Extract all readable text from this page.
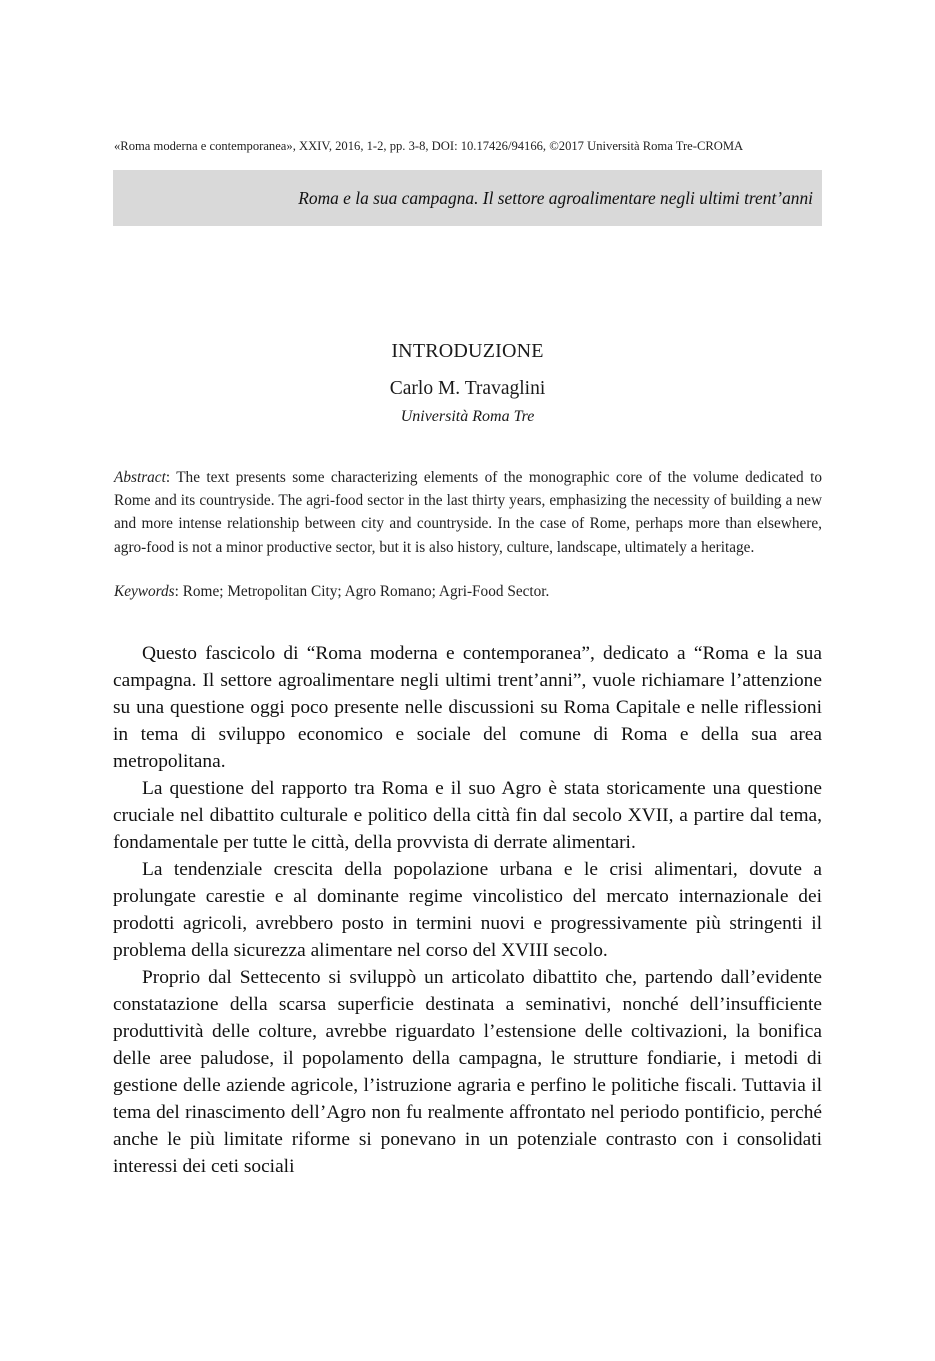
«Roma moderna e contemporanea», XXIV, 2016, 1-2, pp. 3-8, DOI: 10.17426/94166, ©2017 Università Roma Tre-CROMA
Roma e la sua campagna. Il settore agroalimentare negli ultimi trent’anni
INTRODUZIONE
Carlo M. Travaglini
Università Roma Tre
Abstract: The text presents some characterizing elements of the monographic core of the volume dedicated to Rome and its countryside. The agri-food sector in the last thirty years, emphasizing the necessity of building a new and more intense relationship between city and countryside. In the case of Rome, perhaps more than elsewhere, agro-food is not a minor productive sector, but it is also history, culture, landscape, ultimately a heritage.
Keywords: Rome; Metropolitan City; Agro Romano; Agri-Food Sector.

Questo fascicolo di “Roma moderna e contemporanea”, dedicato a “Roma e la sua campagna. Il settore agroalimentare negli ultimi trent’anni”, vuole richiamare l’attenzione su una questione oggi poco presente nelle discussioni su Roma Capitale e nelle riflessioni in tema di sviluppo economico e sociale del comune di Roma e della sua area metropolitana.

La questione del rapporto tra Roma e il suo Agro è stata storicamente una questione cruciale nel dibattito culturale e politico della città fin dal secolo XVII, a partire dal tema, fondamentale per tutte le città, della provvista di derrate alimentari.

La tendenziale crescita della popolazione urbana e le crisi alimentari, dovute a prolungate carestie e al dominante regime vincolistico del mercato internazionale dei prodotti agricoli, avrebbero posto in termini nuovi e progressivamente più stringenti il problema della sicurezza alimentare nel corso del XVIII secolo.

Proprio dal Settecento si sviluppò un articolato dibattito che, partendo dall’evidente constatazione della scarsa superficie destinata a seminativi, nonché dell’insufficiente produttività delle colture, avrebbe riguardato l’estensione delle coltivazioni, la bonifica delle aree paludose, il popolamento della campagna, le strutture fondiarie, i metodi di gestione delle aziende agricole, l’istruzione agraria e perfino le politiche fiscali. Tuttavia il tema del rinascimento dell’Agro non fu realmente affrontato nel periodo pontificio, perché anche le più limitate riforme si ponevano in un potenziale contrasto con i consolidati interessi dei ceti sociali
